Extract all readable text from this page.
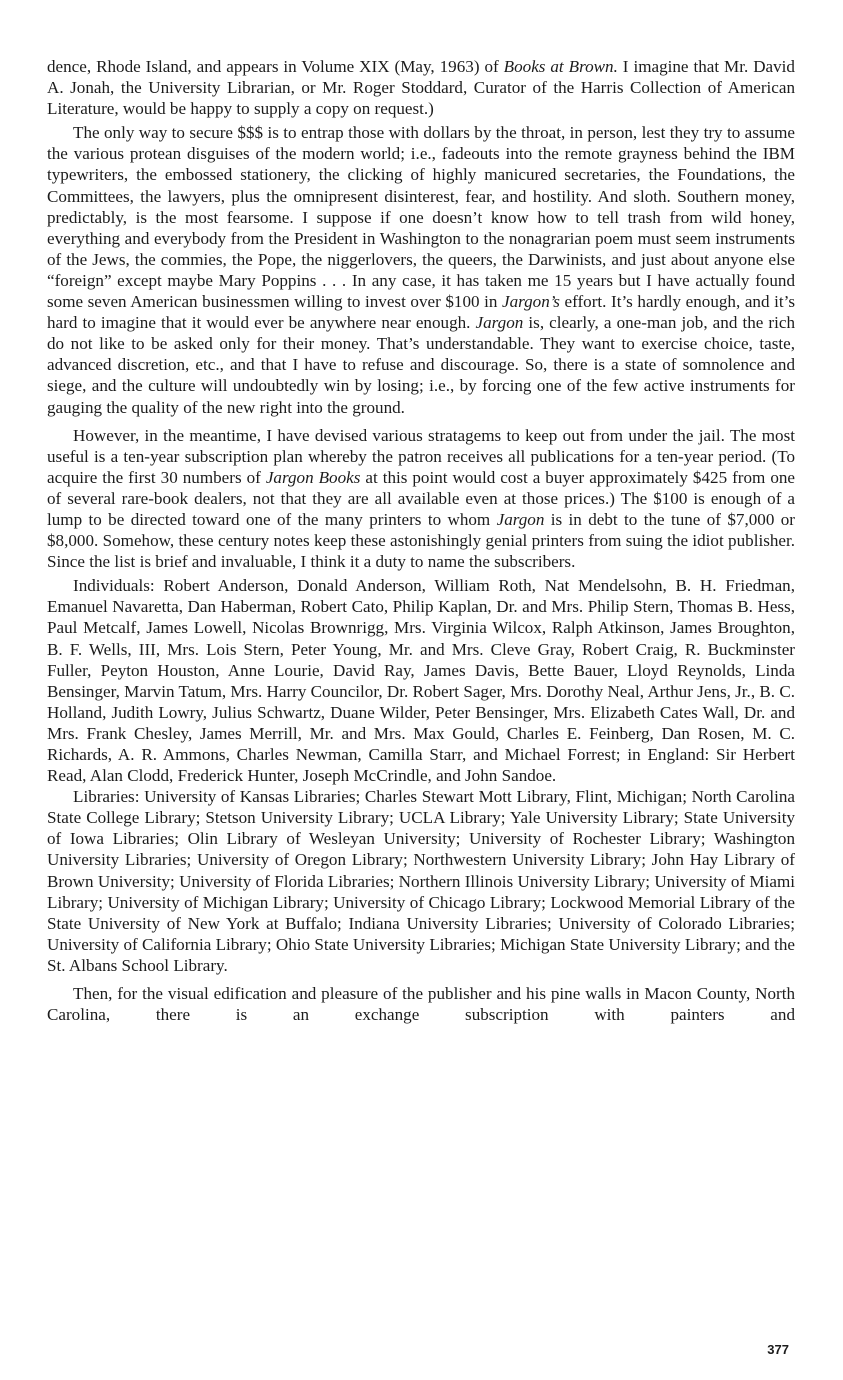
dence, Rhode Island, and appears in Volume XIX (May, 1963) of Books at Brown. I imagine that Mr. David A. Jonah, the University Librarian, or Mr. Roger Stoddard, Curator of the Harris Collection of American Literature, would be happy to supply a copy on request.)

The only way to secure $$$ is to entrap those with dollars by the throat, in person, lest they try to assume the various protean disguises of the modern world; i.e., fadeouts into the remote grayness behind the IBM typewriters, the embossed stationery, the clicking of highly manicured secretaries, the Foundations, the Committees, the lawyers, plus the omnipresent disinterest, fear, and hostility. And sloth. Southern money, predictably, is the most fearsome. I suppose if one doesn’t know how to tell trash from wild honey, everything and everybody from the President in Washington to the nonagrarian poem must seem instruments of the Jews, the commies, the Pope, the niggerlovers, the queers, the Darwinists, and just about anyone else “foreign” except maybe Mary Poppins . . . In any case, it has taken me 15 years but I have actually found some seven American businessmen willing to invest over $100 in Jargon’s effort. It’s hardly enough, and it’s hard to imagine that it would ever be anywhere near enough. Jargon is, clearly, a one-man job, and the rich do not like to be asked only for their money. That’s understandable. They want to exercise choice, taste, advanced discretion, etc., and that I have to refuse and discourage. So, there is a state of somnolence and siege, and the culture will undoubtedly win by losing; i.e., by forcing one of the few active instruments for gauging the quality of the new right into the ground.

However, in the meantime, I have devised various stratagems to keep out from under the jail. The most useful is a ten-year subscription plan whereby the patron receives all publications for a ten-year period. (To acquire the first 30 numbers of Jargon Books at this point would cost a buyer approximately $425 from one of several rare-book dealers, not that they are all available even at those prices.) The $100 is enough of a lump to be directed toward one of the many printers to whom Jargon is in debt to the tune of $7,000 or $8,000. Somehow, these century notes keep these astonishingly genial printers from suing the idiot publisher. Since the list is brief and invaluable, I think it a duty to name the subscribers.

Individuals: Robert Anderson, Donald Anderson, William Roth, Nat Mendelsohn, B. H. Friedman, Emanuel Navaretta, Dan Haberman, Robert Cato, Philip Kaplan, Dr. and Mrs. Philip Stern, Thomas B. Hess, Paul Metcalf, James Lowell, Nicolas Brownrigg, Mrs. Virginia Wilcox, Ralph Atkinson, James Broughton, B. F. Wells, III, Mrs. Lois Stern, Peter Young, Mr. and Mrs. Cleve Gray, Robert Craig, R. Buckminster Fuller, Peyton Houston, Anne Lourie, David Ray, James Davis, Bette Bauer, Lloyd Reynolds, Linda Bensinger, Marvin Tatum, Mrs. Harry Councilor, Dr. Robert Sager, Mrs. Dorothy Neal, Arthur Jens, Jr., B. C. Holland, Judith Lowry, Julius Schwartz, Duane Wilder, Peter Bensinger, Mrs. Elizabeth Cates Wall, Dr. and Mrs. Frank Chesley, James Merrill, Mr. and Mrs. Max Gould, Charles E. Feinberg, Dan Rosen, M. C. Richards, A. R. Ammons, Charles Newman, Camilla Starr, and Michael Forrest; in England: Sir Herbert Read, Alan Clodd, Frederick Hunter, Joseph McCrindle, and John Sandoe.

Libraries: University of Kansas Libraries; Charles Stewart Mott Library, Flint, Michigan; North Carolina State College Library; Stetson University Library; UCLA Library; Yale University Library; State University of Iowa Libraries; Olin Library of Wesleyan University; University of Rochester Library; Washington University Libraries; University of Oregon Library; Northwestern University Library; John Hay Library of Brown University; University of Florida Libraries; Northern Illinois University Library; University of Miami Library; University of Michigan Library; University of Chicago Library; Lockwood Memorial Library of the State University of New York at Buffalo; Indiana University Libraries; University of Colorado Libraries; University of California Library; Ohio State University Libraries; Michigan State University Library; and the St. Albans School Library.

Then, for the visual edification and pleasure of the publisher and his pine walls in Macon County, North Carolina, there is an exchange subscription with painters and

377
